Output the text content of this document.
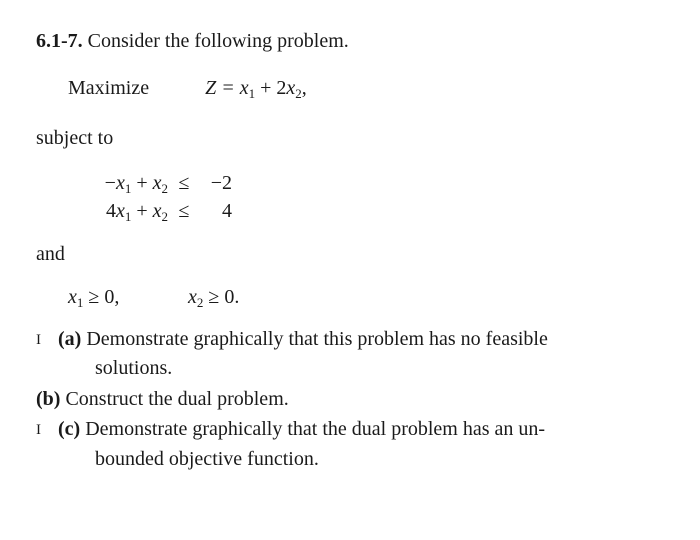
6.1-7. Consider the following problem.
Maximize	$Z = x_1 + 2x_2$,
subject to
$-x_1 + x_2$ ≤	−2
$4x_1 + x_2$ ≤	4
and
$x_1 \ge 0$,	$x_2 \ge 0$.
I (a) Demonstrate graphically that this problem has no feasible
solutions.
(b) Construct the dual problem.
I (c) Demonstrate graphically that the dual problem has an un-
bounded objective function.
